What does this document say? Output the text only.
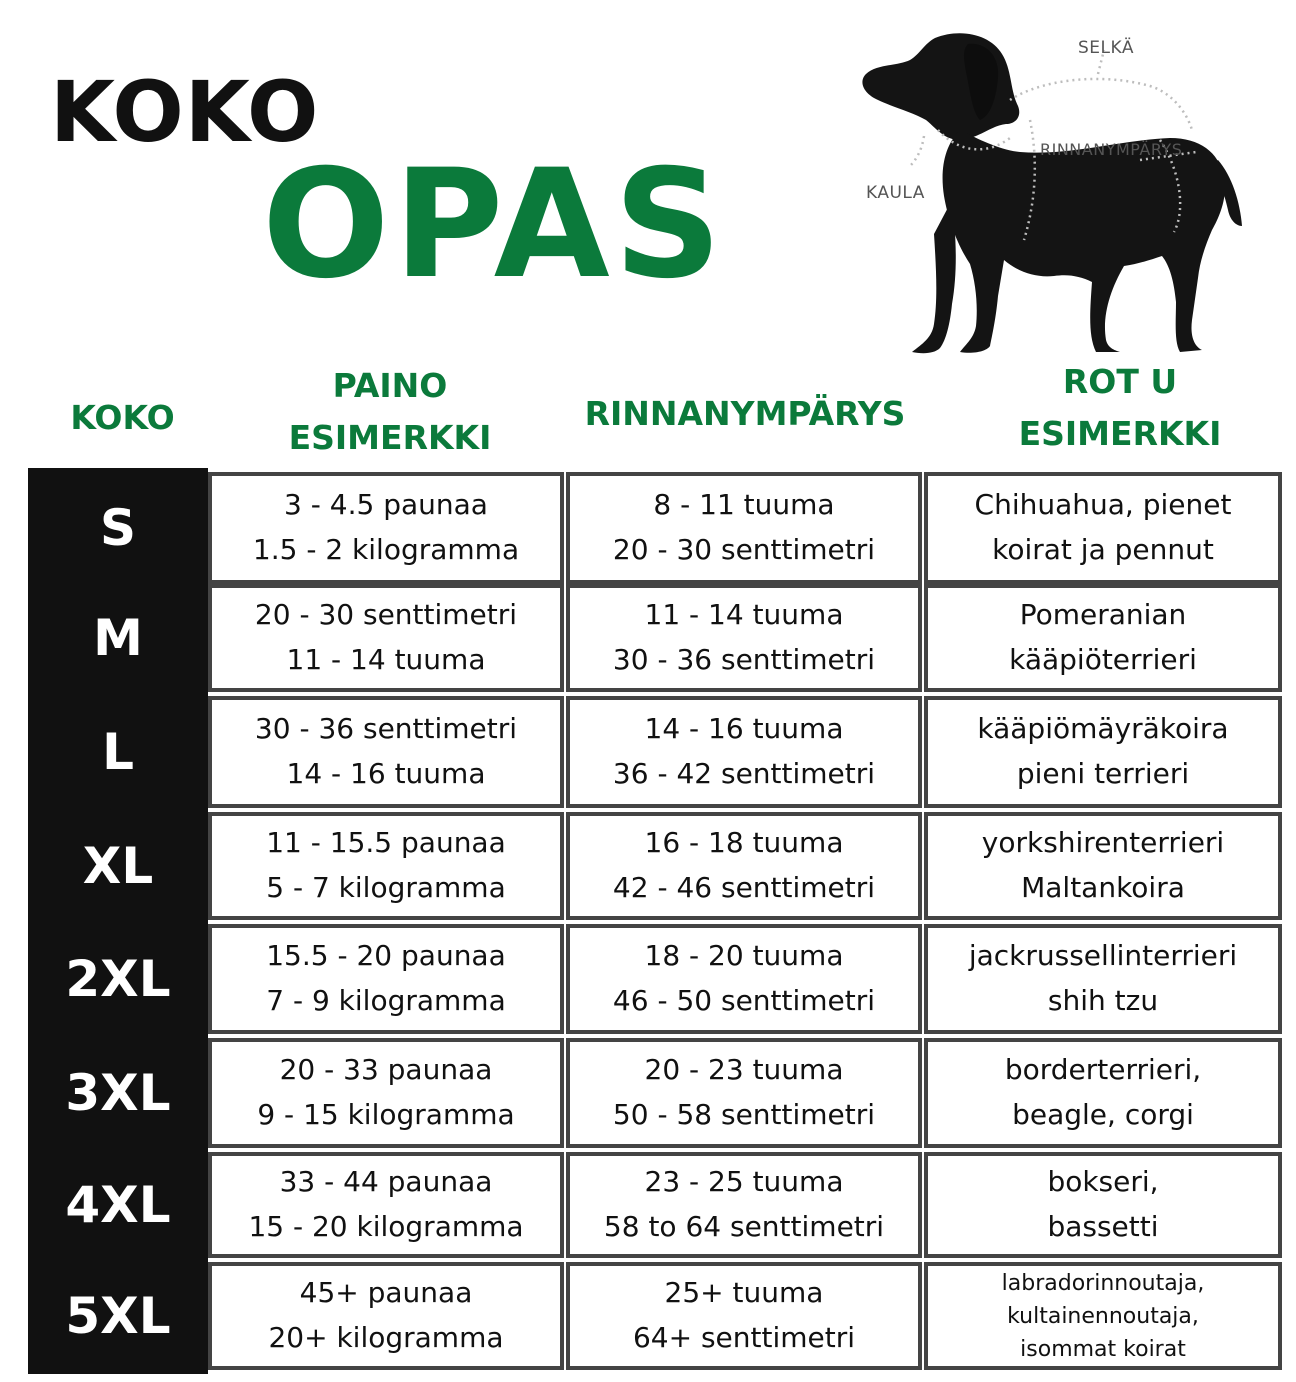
KOKO
OPAS
SELKÄ
RINNANYMPÄRYS
KAULA
KOKO
PAINO
ESIMERKKI
RINNANYMPÄRYS
ROT U
ESIMERKKI
S
M
L
XL
2XL
3XL
4XL
5XL
3 - 4.5 paunaa
1.5 - 2 kilogramma
8 - 11 tuuma
20 - 30 senttimetri
Chihuahua, pienet
koirat ja pennut
20 - 30 senttimetri
11 - 14 tuuma
11 - 14 tuuma
30 - 36 senttimetri
Pomeranian
kääpiöterrieri
30 - 36 senttimetri
14 - 16 tuuma
14 - 16 tuuma
36 - 42 senttimetri
kääpiömäyräkoira
pieni terrieri
11 - 15.5 paunaa
5 - 7 kilogramma
16 - 18 tuuma
42 - 46 senttimetri
yorkshirenterrieri
Maltankoira
15.5 - 20 paunaa
7 - 9 kilogramma
18 - 20 tuuma
46 - 50 senttimetri
jackrussellinterrieri
shih tzu
20 - 33 paunaa
9 - 15 kilogramma
20 - 23 tuuma
50 - 58 senttimetri
borderterrieri,
beagle, corgi
33 - 44 paunaa
15 - 20 kilogramma
23 - 25 tuuma
58 to 64 senttimetri
bokseri,
bassetti
45+ paunaa
20+ kilogramma
25+ tuuma
64+ senttimetri
labradorinnoutaja,
kultainennoutaja,
isommat koirat
